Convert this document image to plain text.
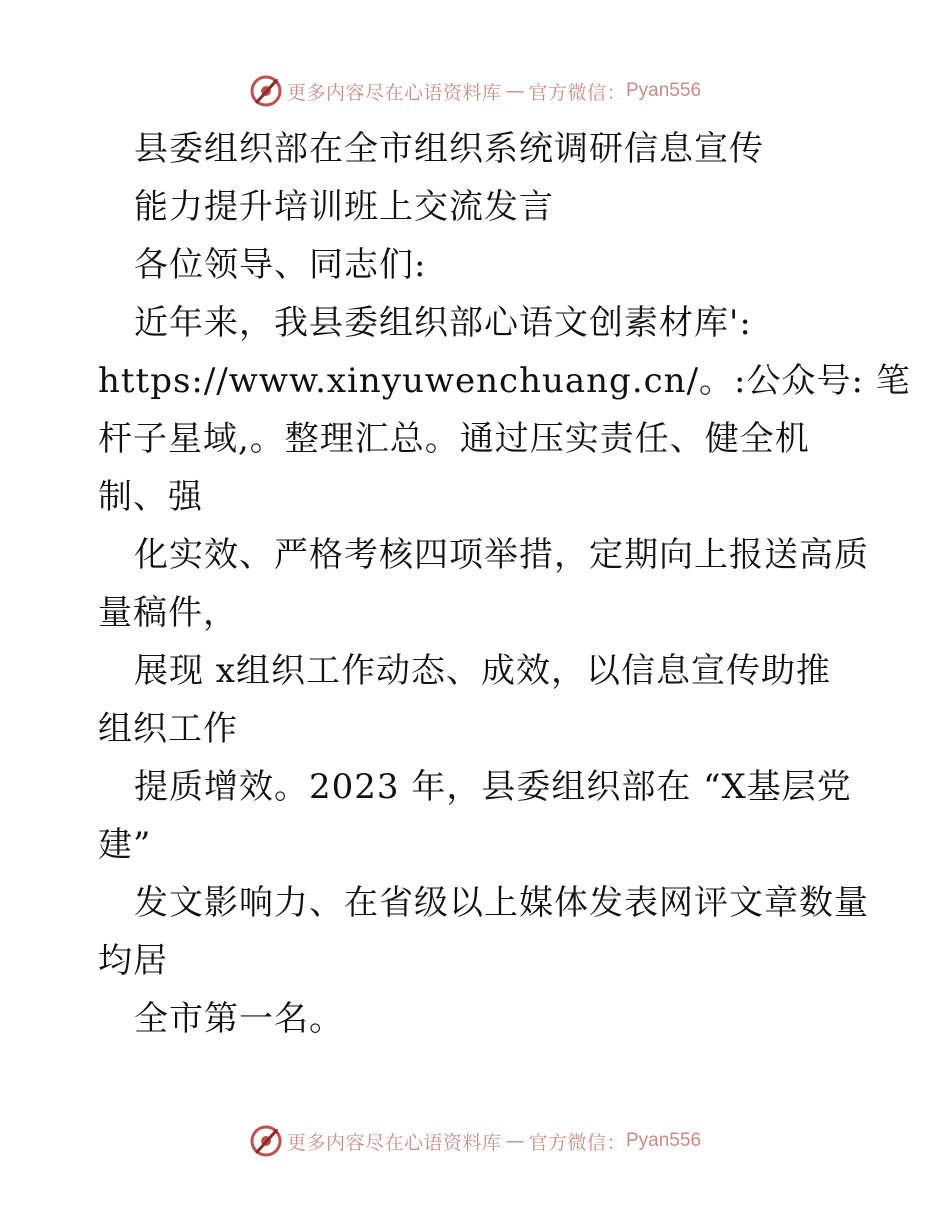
更多内容尽在心语资料库 — 官方微信： Pyan556
县委组织部在全市组织系统调研信息宣传
能力提升培训班上交流发言
各位领导、同志们:
近年来，我县委组织部心语文创素材库':
https://www.xinyuwenchuang.cn/。:公众号: 笔
杆子星域,。整理汇总。通过压实责任、健全机
制、强
化实效、严格考核四项举措，定期向上报送高质
量稿件，
展现 x组织工作动态、成效，以信息宣传助推
组织工作
提质增效。2023 年，县委组织部在 “X基层党
建”
发文影响力、在省级以上媒体发表网评文章数量
均居
全市第一名。
更多内容尽在心语资料库 — 官方微信： Pyan556
